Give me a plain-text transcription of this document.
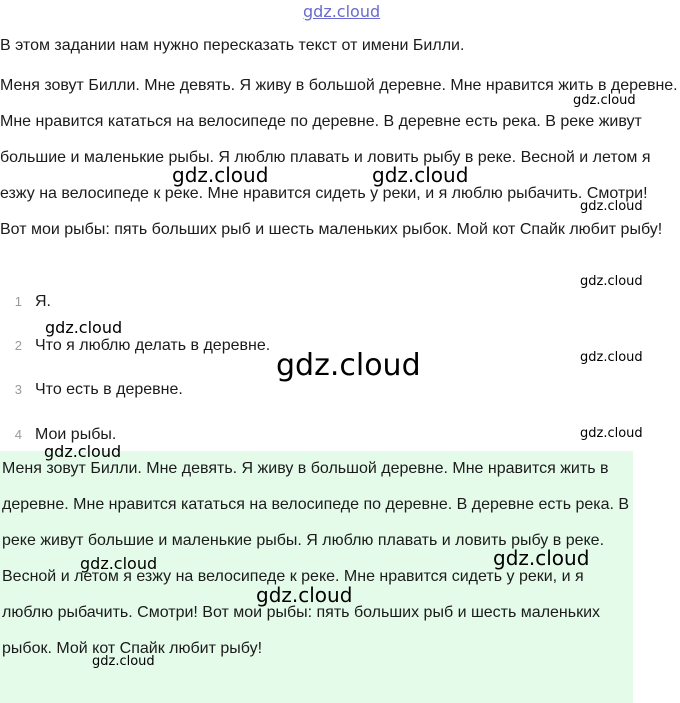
В этом задании нам нужно пересказать текст от имени Билли.

Меня зовут Билли. Мне девять. Я живу в большой деревне. Мне нравится жить в деревне. Мне нравится кататься на велосипеде по деревне. В деревне есть река. В реке живут большие и маленькие рыбы. Я люблю плавать и ловить рыбу в реке. Весной и летом я езжу на велосипеде к реке. Мне нравится сидеть у реки, и я люблю рыбачить. Смотри! Вот мои рыбы: пять больших рыб и шесть маленьких рыбок. Мой кот Спайк любит рыбу!

1 Я.
2 Что я люблю делать в деревне.
3 Что есть в деревне.
4 Мои рыбы.

Меня зовут Билли. Мне девять. Я живу в большой деревне. Мне нравится жить в деревне. Мне нравится кататься на велосипеде по деревне. В деревне есть река. В реке живут большие и маленькие рыбы. Я люблю плавать и ловить рыбу в реке. Весной и летом я езжу на велосипеде к реке. Мне нравится сидеть у реки, и я люблю рыбачить. Смотри! Вот мои рыбы: пять больших рыб и шесть маленьких рыбок. Мой кот Спайк любит рыбу!

gdz.cloud
gdz.cloud
gdz.cloud	gdz.cloud
gdz.cloud
gdz.cloud
gdz.cloud
gdz.cloud	gdz.cloud
gdz.cloud
gdz.cloud
gdz.cloud
gdz.cloud
gdz.cloud
gdz.cloud
